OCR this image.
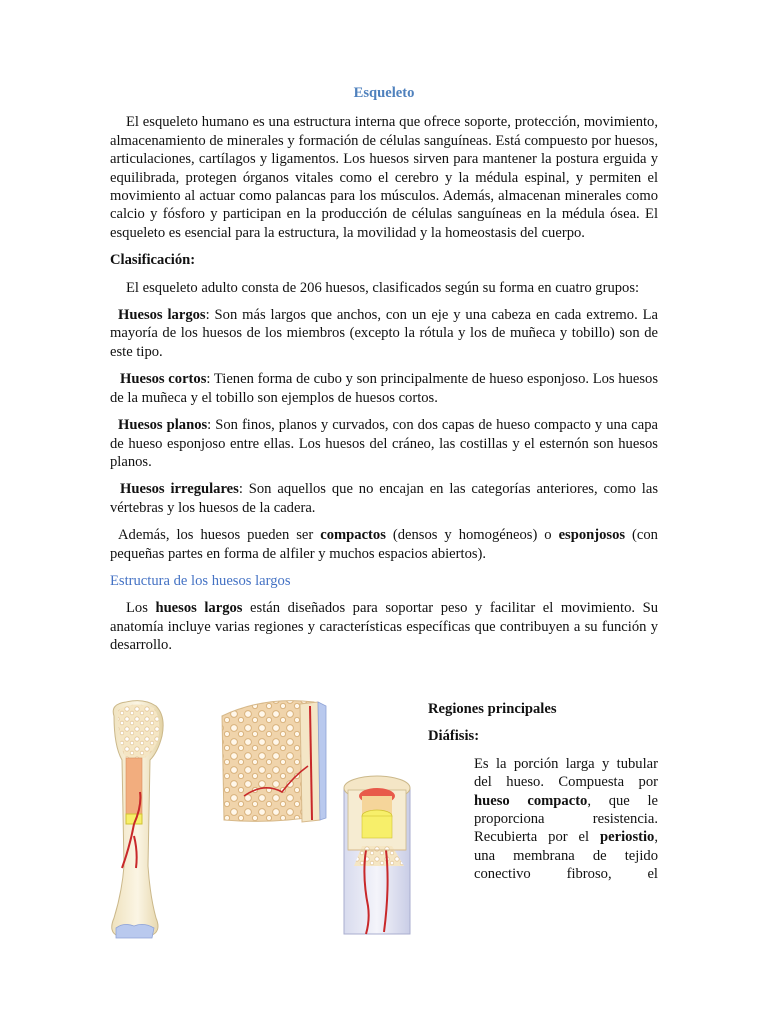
Esqueleto

El esqueleto humano es una estructura interna que ofrece soporte, protección, movimiento, almacenamiento de minerales y formación de células sanguíneas. Está compuesto por huesos, articulaciones, cartílagos y ligamentos. Los huesos sirven para mantener la postura erguida y equilibrada, protegen órganos vitales como el cerebro y la médula espinal, y permiten el movimiento al actuar como palancas para los músculos. Además, almacenan minerales como calcio y fósforo y participan en la producción de células sanguíneas en la médula ósea. El esqueleto es esencial para la estructura, la movilidad y la homeostasis del cuerpo.

Clasificación:

El esqueleto adulto consta de 206 huesos, clasificados según su forma en cuatro grupos:

Huesos largos: Son más largos que anchos, con un eje y una cabeza en cada extremo. La mayoría de los huesos de los miembros (excepto la rótula y los de muñeca y tobillo) son de este tipo.

Huesos cortos: Tienen forma de cubo y son principalmente de hueso esponjoso. Los huesos de la muñeca y el tobillo son ejemplos de huesos cortos.

Huesos planos: Son finos, planos y curvados, con dos capas de hueso compacto y una capa de hueso esponjoso entre ellas. Los huesos del cráneo, las costillas y el esternón son huesos planos.

Huesos irregulares: Son aquellos que no encajan en las categorías anteriores, como las vértebras y los huesos de la cadera.

Además, los huesos pueden ser compactos (densos y homogéneos) o esponjosos (con pequeñas partes en forma de alfiler y muchos espacios abiertos).

Estructura de los huesos largos

Los huesos largos están diseñados para soportar peso y facilitar el movimiento. Su anatomía incluye varias regiones y características específicas que contribuyen a su función y desarrollo.

Regiones principales
Diáfisis:
Es la porción larga y tubular del hueso. Compuesta por hueso compacto, que le proporciona resistencia. Recubierta por el periostio, una membrana de tejido conectivo fibroso, el
